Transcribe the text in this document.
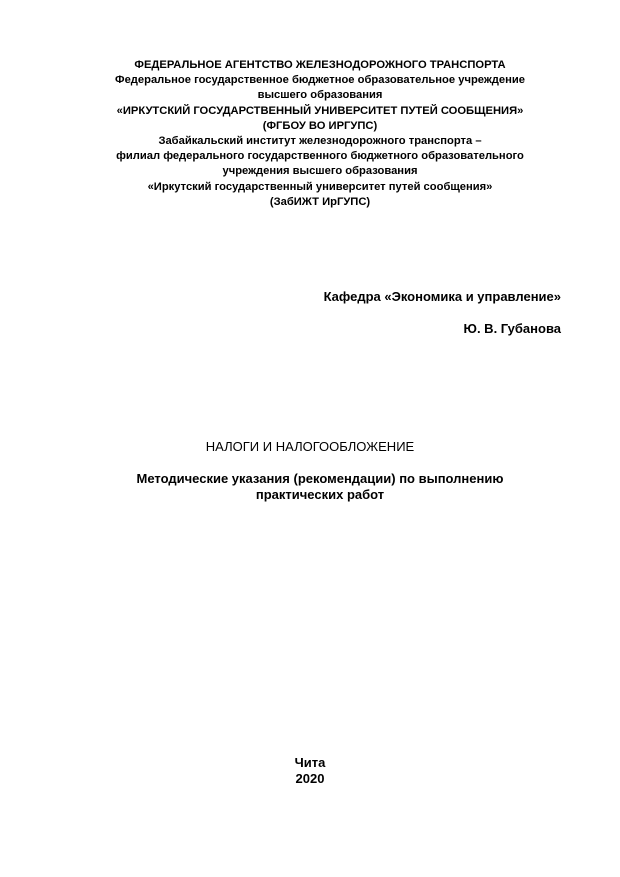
ФЕДЕРАЛЬНОЕ АГЕНТСТВО ЖЕЛЕЗНОДОРОЖНОГО ТРАНСПОРТА
Федеральное государственное бюджетное образовательное учреждение
высшего образования
«ИРКУТСКИЙ ГОСУДАРСТВЕННЫЙ УНИВЕРСИТЕТ ПУТЕЙ СООБЩЕНИЯ»
(ФГБОУ ВО ИРГУПС)
Забайкальский институт железнодорожного транспорта –
филиал федерального государственного бюджетного образовательного
учреждения высшего образования
«Иркутский государственный университет путей сообщения»
(ЗабИЖТ ИрГУПС)
Кафедра «Экономика и управление»
Ю. В. Губанова
НАЛОГИ И НАЛОГООБЛОЖЕНИЕ
Методические указания (рекомендации) по выполнению
практических работ
Чита
2020
